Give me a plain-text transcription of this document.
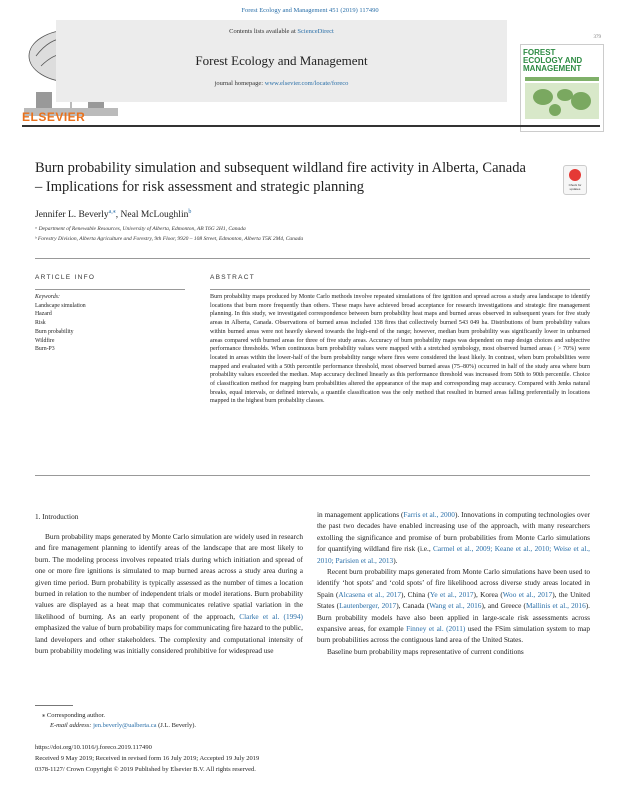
Forest Ecology and Management 451 (2019) 117490
ELSEVIER
Contents lists available at ScienceDirect
Forest Ecology and Management
journal homepage: www.elsevier.com/locate/foreco
379
FOREST
ECOLOGY AND
MANAGEMENT
Burn probability simulation and subsequent wildland fire activity in Alberta, Canada – Implications for risk assessment and strategic planning	Check for updates
Jennifer L. Beverly$^{a,⁎}$, Neal McLoughlin$^b$
ᵃ Department of Renewable Resources, University of Alberta, Edmonton, AB T6G 2H1, Canada
ᵇ Forestry Division, Alberta Agriculture and Forestry, 9th Floor, 9920 – 108 Street, Edmonton, Alberta T5K 2M4, Canada
ARTICLE INFO	ABSTRACT
Keywords:
Landscape simulation
Hazard
Risk
Burn probability
Wildfire
Burn-P3
Burn probability maps produced by Monte Carlo methods involve repeated simulations of fire ignition and spread across a study area landscape to identify locations that burn more frequently than others. These maps have achieved broad acceptance for research investigations and strategic fire management planning. In this study, we investigated correspondence between burn probability heat maps and burned areas observed in subsequent years for five study areas in Alberta, Canada. Observations of burned areas included 138 fires that collectively burned 543 049 ha. Distributions of burn probability values within burned areas were not heavily skewed towards the high-end of the range; however, median burn probability was significantly lower in unburned areas compared with burned areas for three of five study areas. Accuracy of burn probability maps was dependent on map design choices and subjective performance thresholds. When continuous burn probability values were mapped with a stretched symbology, most observed burned areas ( > 70%) were located in areas within the lower-half of the burn probability range where fires were considered the least likely. In contrast, when burn probabilities were mapped and evaluated with a 50th percentile performance threshold, most observed burned areas (75–80%) occurred in half of the study area where burn probability values exceeded the median. Map accuracy declined linearly as this performance threshold was increased from 50th to 90th percentile. Choice of classification method for mapping burn probabilities altered the appearance of the map and corresponding map accuracy. Compared with Jenks natural breaks, equal intervals, or defined intervals, a quantile classification was the only method that resulted in burned areas falling preferentially in locations mapped in the highest burn probability classes.
1. Introduction

Burn probability maps generated by Monte Carlo simulation are widely used in research and fire management planning to identify areas of the landscape that are most likely to burn. The modeling process involves repeated trials during which initiation and spread of one or more fire ignitions is simulated to map burned areas across a study area during a given time period. Burn probability is typically assessed as the number of times a location burned in relation to the number of independent trials or model iterations. Burn probability values are displayed as a heat map that communicates relative spatial variation in the likelihood of burning. As an early proponent of the approach, Clarke et al. (1994) emphasized the value of burn probability maps for communicating fire hazard to the public, land developers and other stakeholders. The complexity and computational intensity of burn probability modeling was initially considered prohibitive for widespread use

in management applications (Farris et al., 2000). Innovations in computing technologies over the past two decades have enabled increasing use of the approach, with many researchers extolling the significance and promise of burn probabilities from Monte Carlo simulations for quantifying wildland fire risk (i.e., Carmel et al., 2009; Keane et al., 2010; Weise et al., 2010; Parisien et al., 2013).

Recent burn probability maps generated from Monte Carlo simulations have been used to identify ‘hot spots’ and ‘cold spots’ of fire likelihood across diverse study areas located in Spain (Alcasena et al., 2017), China (Ye et al., 2017), Korea (Woo et al., 2017), the United States (Lautenberger, 2017), Canada (Wang et al., 2016), and Greece (Mallinis et al., 2016). Burn probability models have also been applied in large-scale risk assessments across expansive areas, for example Finney et al. (2011) used the FSim simulation system to map burn probabilities across the contiguous land area of the United States.

Baseline burn probability maps representative of current conditions

⁎ Corresponding author.
E-mail address: jen.beverly@ualberta.ca (J.L. Beverly).
https://doi.org/10.1016/j.foreco.2019.117490
Received 9 May 2019; Received in revised form 16 July 2019; Accepted 19 July 2019
0378-1127/ Crown Copyright © 2019 Published by Elsevier B.V. All rights reserved.
